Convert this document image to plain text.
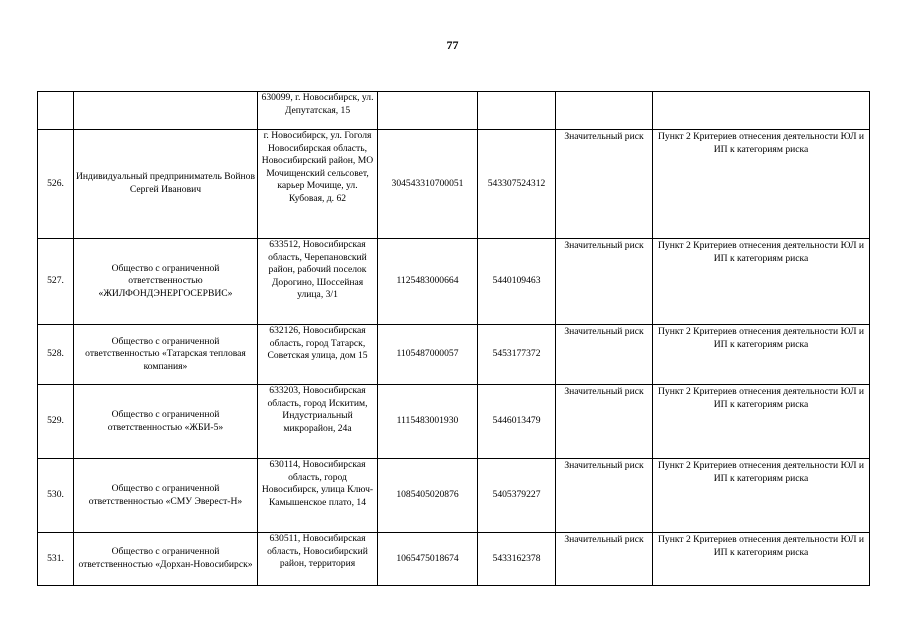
77
		630099, г. Новосибирск, ул. Депутатская, 15				
526.	Индивидуальный предприниматель Войнов Сергей Иванович	г. Новосибирск, ул. Гоголя Новосибирская область, Новосибирский район, МО Мочищенский сельсовет, карьер Мочище, ул. Кубовая, д. 62	304543310700051	543307524312	Значительный риск	Пункт 2 Критериев отнесения деятельности ЮЛ и ИП к категориям риска
527.	Общество с ограниченной ответственностью «ЖИЛФОНДЭНЕРГОСЕРВИС»	633512, Новосибирская область, Черепановский район, рабочий поселок Дорогино, Шоссейная улица, 3/1	1125483000664	5440109463	Значительный риск	Пункт 2 Критериев отнесения деятельности ЮЛ и ИП к категориям риска
528.	Общество с ограниченной ответственностью «Татарская тепловая компания»	632126, Новосибирская область, город Татарск, Советская улица, дом 15	1105487000057	5453177372	Значительный риск	Пункт 2 Критериев отнесения деятельности ЮЛ и ИП к категориям риска
529.	Общество с ограниченной ответственностью «ЖБИ-5»	633203, Новосибирская область, город Искитим, Индустриальный микрорайон, 24а	1115483001930	5446013479	Значительный риск	Пункт 2 Критериев отнесения деятельности ЮЛ и ИП к категориям риска
530.	Общество с ограниченной ответственностью «СМУ Эверест-Н»	630114, Новосибирская область, город Новосибирск, улица Ключ-Камышенское плато, 14	1085405020876	5405379227	Значительный риск	Пункт 2 Критериев отнесения деятельности ЮЛ и ИП к категориям риска
531.	Общество с ограниченной ответственностью «Дорхан-Новосибирск»	630511, Новосибирская область, Новосибирский район, территория	1065475018674	5433162378	Значительный риск	Пункт 2 Критериев отнесения деятельности ЮЛ и ИП к категориям риска
